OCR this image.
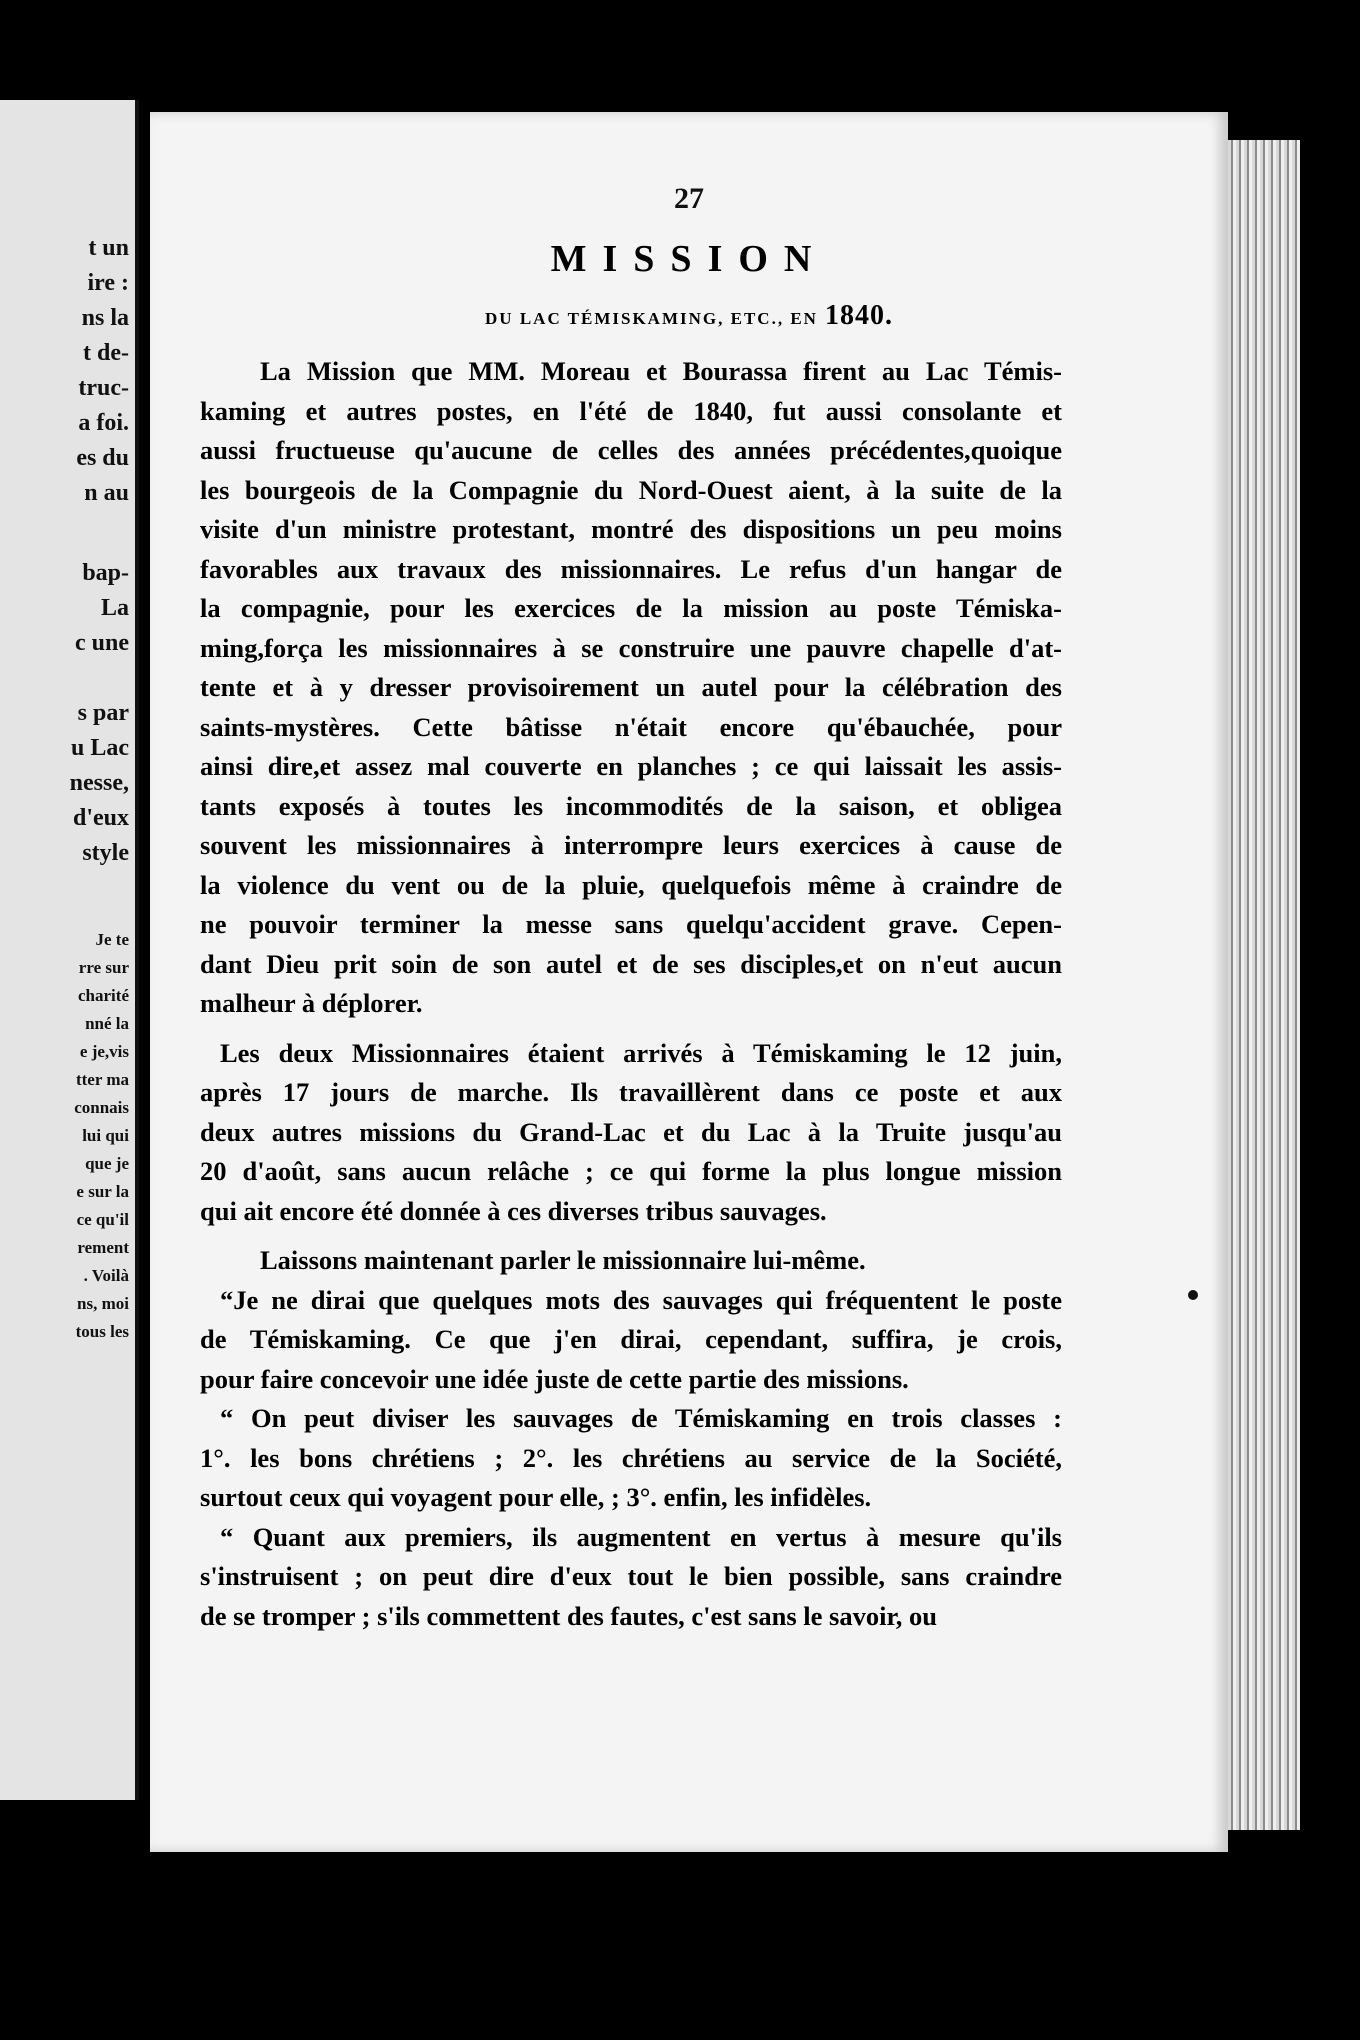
t un
ire :
ns la
t de-
truc-
a foi.
es du
n au
bap-
La
c une
s par
u Lac
nesse,
d'eux
style
Je te
rre sur
charité
nné la
e je,vis
tter ma
connais
lui qui
que je
e sur la
ce qu'il
rement
. Voilà
ns, moi
tous les
27
MISSION
DU LAC TÉMISKAMING, ETC., EN 1840.
La Mission que MM. Moreau et Bourassa firent au Lac Témis-
kaming et autres postes, en l'été de 1840, fut aussi consolante et
aussi fructueuse qu'aucune de celles des années précédentes,quoique
les bourgeois de la Compagnie du Nord-Ouest aient, à la suite de la
visite d'un ministre protestant, montré des dispositions un peu moins
favorables aux travaux des missionnaires. Le refus d'un hangar de
la compagnie, pour les exercices de la mission au poste Témiska-
ming,força les missionnaires à se construire une pauvre chapelle d'at-
tente et à y dresser provisoirement un autel pour la célébration des
saints-mystères. Cette bâtisse n'était encore qu'ébauchée, pour
ainsi dire,et assez mal couverte en planches ; ce qui laissait les assis-
tants exposés à toutes les incommodités de la saison, et obligea
souvent les missionnaires à interrompre leurs exercices à cause de
la violence du vent ou de la pluie, quelquefois même à craindre de
ne pouvoir terminer la messe sans quelqu'accident grave. Cepen-
dant Dieu prit soin de son autel et de ses disciples,et on n'eut aucun
malheur à déplorer.
Les deux Missionnaires étaient arrivés à Témiskaming le 12 juin,
après 17 jours de marche. Ils travaillèrent dans ce poste et aux
deux autres missions du Grand-Lac et du Lac à la Truite jusqu'au
20 d'août, sans aucun relâche ; ce qui forme la plus longue mission
qui ait encore été donnée à ces diverses tribus sauvages.
Laissons maintenant parler le missionnaire lui-même.
“Je ne dirai que quelques mots des sauvages qui fréquentent le poste
de Témiskaming. Ce que j'en dirai, cependant, suffira, je crois,
pour faire concevoir une idée juste de cette partie des missions.
“ On peut diviser les sauvages de Témiskaming en trois classes :
1°. les bons chrétiens ; 2°. les chrétiens au service de la Société,
surtout ceux qui voyagent pour elle, ; 3°. enfin, les infidèles.
“ Quant aux premiers, ils augmentent en vertus à mesure qu'ils
s'instruisent ; on peut dire d'eux tout le bien possible, sans craindre
de se tromper ; s'ils commettent des fautes, c'est sans le savoir, ou
